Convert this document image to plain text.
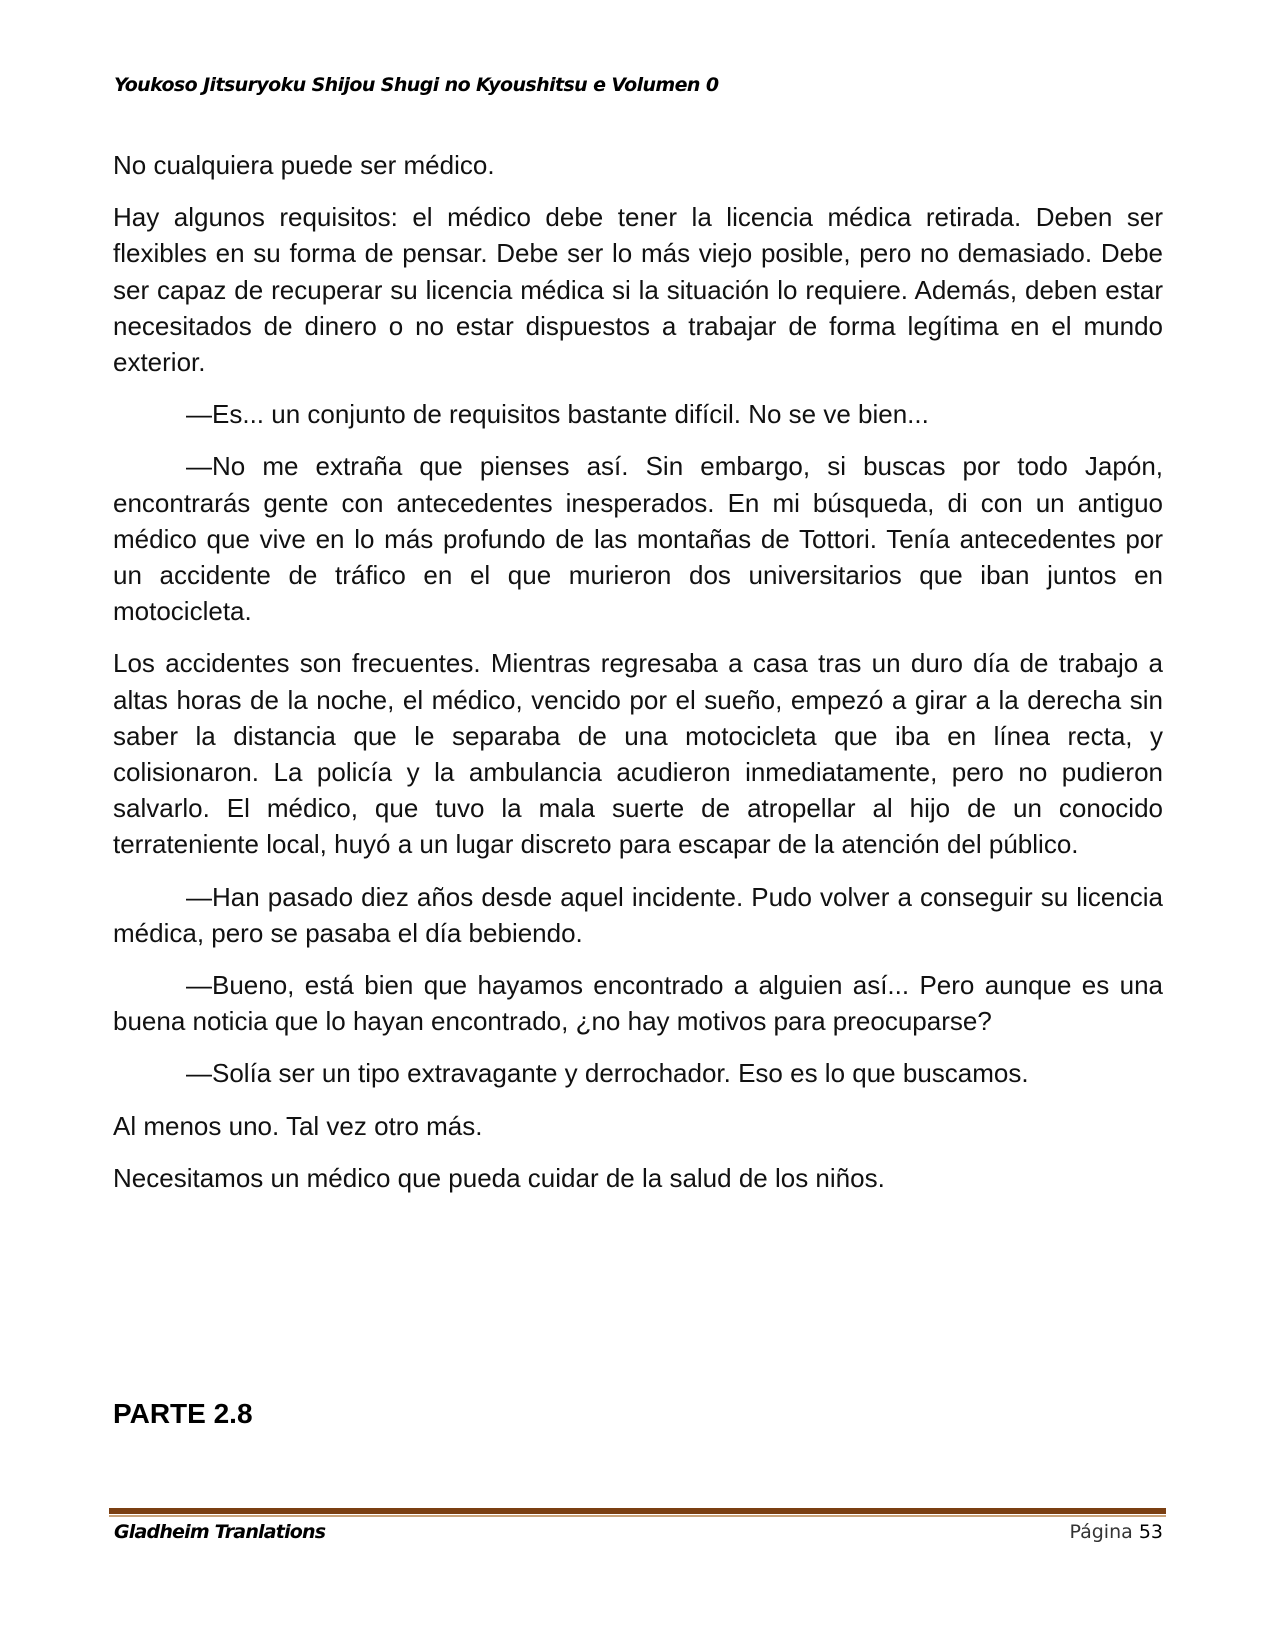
Youkoso Jitsuryoku Shijou Shugi no Kyoushitsu e Volumen 0

No cualquiera puede ser médico.

Hay algunos requisitos: el médico debe tener la licencia médica retirada. Deben ser flexibles en su forma de pensar. Debe ser lo más viejo posible, pero no demasiado. Debe ser capaz de recuperar su licencia médica si la situación lo requiere. Además, deben estar necesitados de dinero o no estar dispuestos a trabajar de forma legítima en el mundo exterior.

—Es... un conjunto de requisitos bastante difícil. No se ve bien...

—No me extraña que pienses así. Sin embargo, si buscas por todo Japón, encontrarás gente con antecedentes inesperados. En mi búsqueda, di con un antiguo médico que vive en lo más profundo de las montañas de Tottori. Tenía antecedentes por un accidente de tráfico en el que murieron dos universitarios que iban juntos en motocicleta.

Los accidentes son frecuentes. Mientras regresaba a casa tras un duro día de trabajo a altas horas de la noche, el médico, vencido por el sueño, empezó a girar a la derecha sin saber la distancia que le separaba de una motocicleta que iba en línea recta, y colisionaron. La policía y la ambulancia acudieron inmediatamente, pero no pudieron salvarlo. El médico, que tuvo la mala suerte de atropellar al hijo de un conocido terrateniente local, huyó a un lugar discreto para escapar de la atención del público.

—Han pasado diez años desde aquel incidente. Pudo volver a conseguir su licencia médica, pero se pasaba el día bebiendo.

—Bueno, está bien que hayamos encontrado a alguien así... Pero aunque es una buena noticia que lo hayan encontrado, ¿no hay motivos para preocuparse?

—Solía ser un tipo extravagante y derrochador. Eso es lo que buscamos.

Al menos uno. Tal vez otro más.

Necesitamos un médico que pueda cuidar de la salud de los niños.

PARTE 2.8
Gladheim Tranlations	Página 53
